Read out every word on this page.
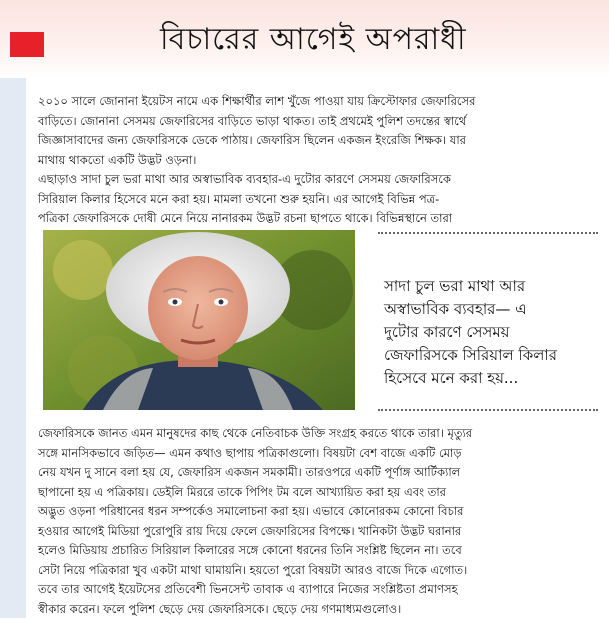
বিচারের আগেই অপরাধী

২০১০ সালে জোনানা ইয়েটস নামে এক শিক্ষার্থীর লাশ খুঁজে পাওয়া যায় ক্রিস্টোফার জেফারিসের
বাড়িতে। জোনানা সেসময় জেফারিসের বাড়িতে ভাড়া থাকত। তাই প্রথমেই পুলিশ তদন্তের স্বার্থে
জিজ্ঞাসাবাদের জন্য জেফারিসকে ডেকে পাঠায়। জেফারিস ছিলেন একজন ইংরেজি শিক্ষক। যার
মাথায় থাকতো একটি উদ্ভট ওড়না।
এছাড়াও সাদা চুল ভরা মাথা আর অস্বাভাবিক ব্যবহার-এ দুটোর কারণে সেসময় জেফারিসকে
সিরিয়াল কিলার হিসেবে মনে করা হয়। মামলা তখনো শুরু হয়নি। এর আগেই বিভিন্ন পত্র-
পত্রিকা জেফারিসকে দোষী মেনে নিয়ে নানারকম উদ্ভট রচনা ছাপতে থাকে। বিভিন্নস্থানে তারা

সাদা চুল ভরা মাথা আর
অস্বাভাবিক ব্যবহার— এ
দুটোর কারণে সেসময়
জেফারিসকে সিরিয়াল কিলার
হিসেবে মনে করা হয়...

জেফারিসকে জানত এমন মানুষদের কাছ থেকে নেতিবাচক উক্তি সংগ্রহ করতে থাকে তারা। মৃত্যুর
সঙ্গে মানসিকভাবে জড়িত— এমন কথাও ছাপায় পত্রিকাগুলো। বিষয়টা বেশ বাজে একটি মোড়
নেয় যখন দু সানে বলা হয় যে, জেফারিস একজন সমকামী। তারওপরে একটি পূর্ণাঙ্গ আর্টিক্যাল
ছাপানো হয় এ পত্রিকায়। ডেইলি মিররে তাকে পিপিং টম বলে আখ্যায়িত করা হয় এবং তার
অদ্ভুত ওড়না পরিধানের ধরন সম্পর্কেও সমালোচনা করা হয়। এভাবে কোনোরকম কোনো বিচার
হওয়ার আগেই মিডিয়া পুরোপুরি রায় দিয়ে ফেলে জেফারিসের বিপক্ষে। খানিকটা উদ্ভট ঘরানার
হলেও মিডিয়ায় প্রচারিত সিরিয়াল কিলারের সঙ্গে কোনো ধরনের তিনি সংশ্লিষ্ট ছিলেন না। তবে
সেটা নিয়ে পত্রিকারা খুব একটা মাথা ঘামায়নি। হয়তো পুরো বিষয়টা আরও বাজে দিকে এগোত।
তবে তার আগেই ইয়েটসের প্রতিবেশী ভিনসেন্ট তাবাক এ ব্যাপারে নিজের সংশ্লিষ্টতা প্রমাণসহ
স্বীকার করেন। ফলে পুলিশ ছেড়ে দেয় জেফারিসকে। ছেড়ে দেয় গণমাধ্যমগুলোও।
